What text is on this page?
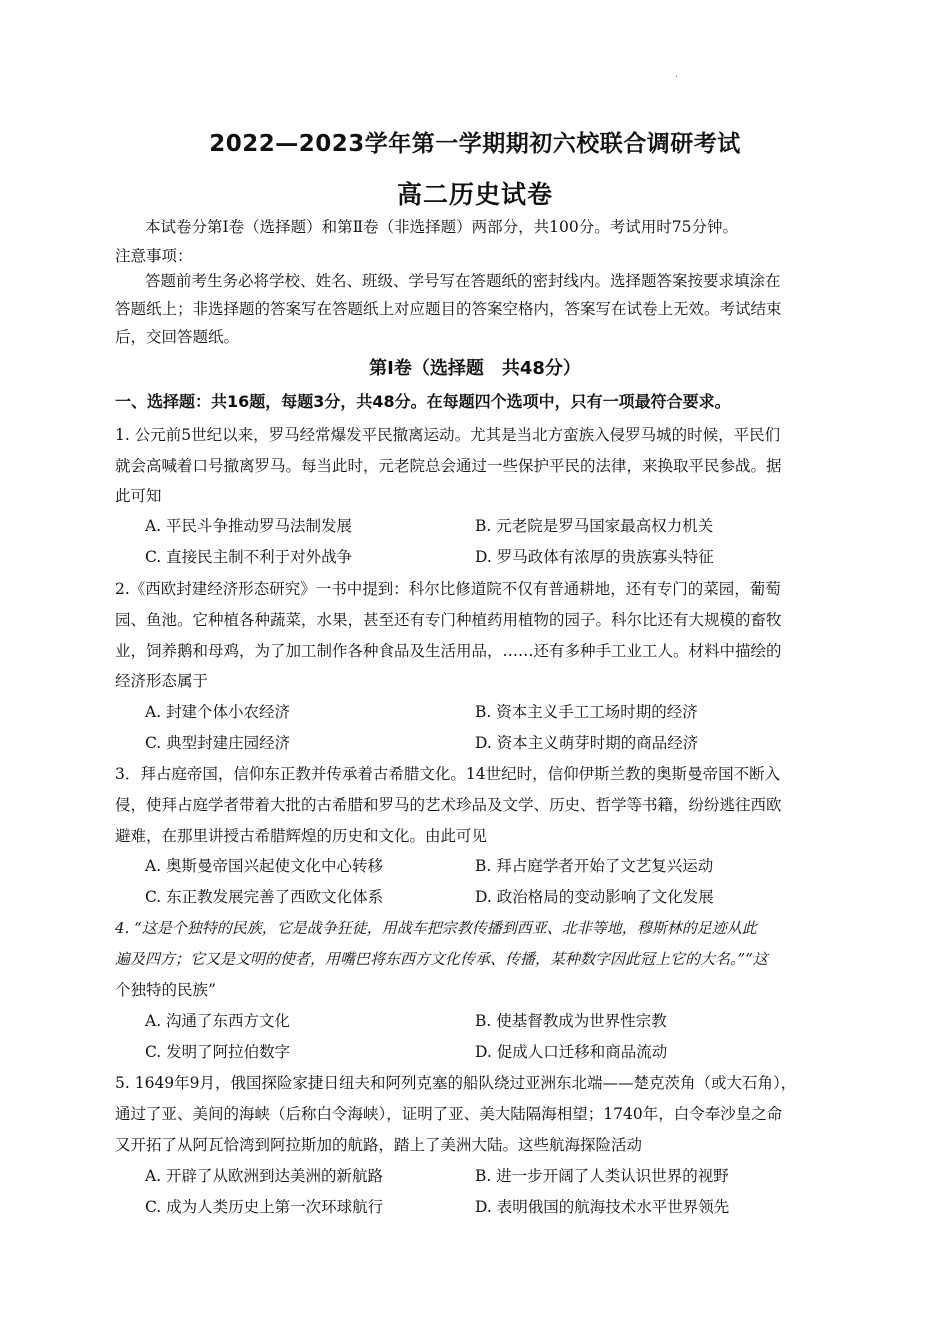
·
2022—2023学年第一学期期初六校联合调研考试
高二历史试卷
本试卷分第Ⅰ卷（选择题）和第Ⅱ卷（非选择题）两部分，共100分。考试用时75分钟。
注意事项：
答题前考生务必将学校、姓名、班级、学号写在答题纸的密封线内。选择题答案按要求填涂在
答题纸上；非选择题的答案写在答题纸上对应题目的答案空格内，答案写在试卷上无效。考试结束
后，交回答题纸。
第Ⅰ卷（选择题　共48分）
一、选择题：共16题，每题3分，共48分。在每题四个选项中，只有一项最符合要求。
1. 公元前5世纪以来，罗马经常爆发平民撤离运动。尤其是当北方蛮族入侵罗马城的时候，平民们
就会高喊着口号撤离罗马。每当此时，元老院总会通过一些保护平民的法律，来换取平民参战。据
此可知
A. 平民斗争推动罗马法制发展	B. 元老院是罗马国家最高权力机关
C. 直接民主制不利于对外战争	D. 罗马政体有浓厚的贵族寡头特征
2.《西欧封建经济形态研究》一书中提到：科尔比修道院不仅有普通耕地，还有专门的菜园，葡萄
园、鱼池。它种植各种蔬菜，水果，甚至还有专门种植药用植物的园子。科尔比还有大规模的畜牧
业，饲养鹅和母鸡，为了加工制作各种食品及生活用品，……还有多种手工业工人。材料中描绘的
经济形态属于
A. 封建个体小农经济	B. 资本主义手工工场时期的经济
C. 典型封建庄园经济	D. 资本主义萌芽时期的商品经济
3．拜占庭帝国，信仰东正教并传承着古希腊文化。14世纪时，信仰伊斯兰教的奥斯曼帝国不断入
侵，使拜占庭学者带着大批的古希腊和罗马的艺术珍品及文学、历史、哲学等书籍，纷纷逃往西欧
避难，在那里讲授古希腊辉煌的历史和文化。由此可见
A. 奥斯曼帝国兴起使文化中心转移	B. 拜占庭学者开始了文艺复兴运动
C. 东正教发展完善了西欧文化体系	D. 政治格局的变动影响了文化发展
4. “这是个独特的民族，它是战争狂徒，用战车把宗教传播到西亚、北非等地，穆斯林的足迹从此
遍及四方；它又是文明的使者，用嘴巴将东西方文化传承、传播，某种数字因此冠上它的大名。”“这
个独特的民族”
A. 沟通了东西方文化	B. 使基督教成为世界性宗教
C. 发明了阿拉伯数字	D. 促成人口迁移和商品流动
5. 1649年9月，俄国探险家捷日纽夫和阿列克塞的船队绕过亚洲东北端——楚克茨角（或大石角），
通过了亚、美间的海峡（后称白令海峡），证明了亚、美大陆隔海相望；1740年，白令奉沙皇之命
又开拓了从阿瓦恰湾到阿拉斯加的航路，踏上了美洲大陆。这些航海探险活动
A. 开辟了从欧洲到达美洲的新航路	B. 进一步开阔了人类认识世界的视野
C. 成为人类历史上第一次环球航行	D. 表明俄国的航海技术水平世界领先
